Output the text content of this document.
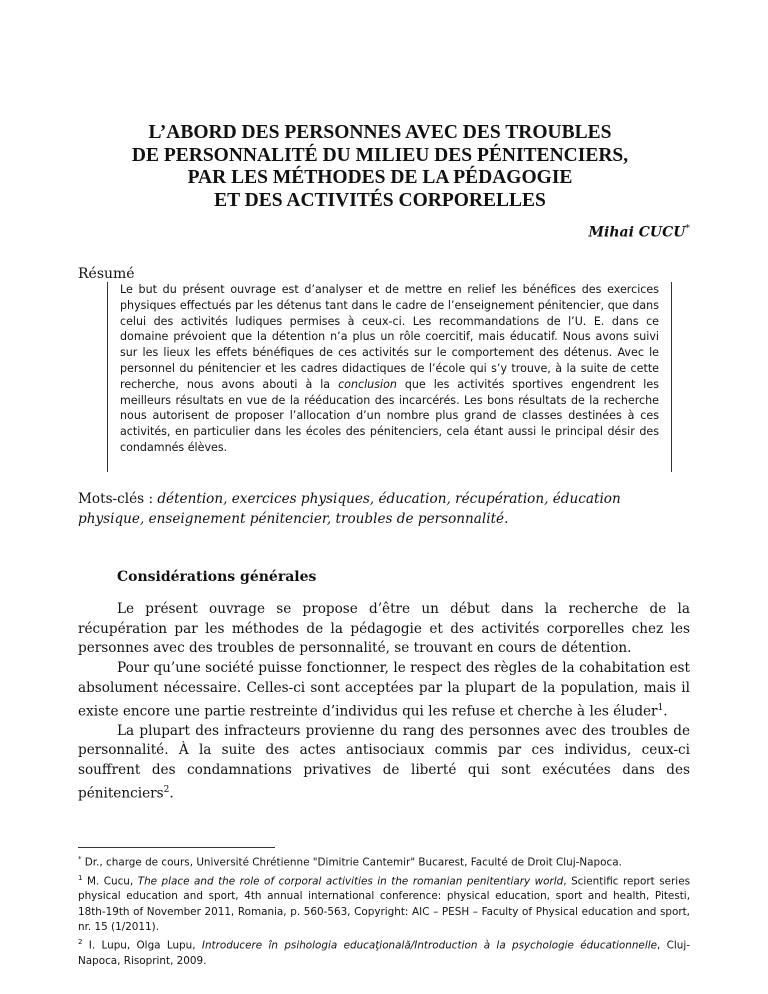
L’ABORD DES PERSONNES AVEC DES TROUBLES
DE PERSONNALITÉ DU MILIEU DES PÉNITENCIERS,
PAR LES MÉTHODES DE LA PÉDAGOGIE
ET DES ACTIVITÉS CORPORELLES
Mihai CUCU*
Résumé

Le but du présent ouvrage est d’analyser et de mettre en relief les bénéfices des exercices physiques effectués par les détenus tant dans le cadre de l’enseignement pénitencier, que dans celui des activités ludiques permises à ceux-ci. Les recommandations de l’U. E. dans ce domaine prévoient que la détention n’a plus un rôle coercitif, mais éducatif. Nous avons suivi sur les lieux les effets bénéfiques de ces activités sur le comportement des détenus. Avec le personnel du pénitencier et les cadres didactiques de l’école qui s’y trouve, à la suite de cette recherche, nous avons abouti à la conclusion que les activités sportives engendrent les meilleurs résultats en vue de la rééducation des incarcérés. Les bons résultats de la recherche nous autorisent de proposer l’allocation d’un nombre plus grand de classes destinées à ces activités, en particulier dans les écoles des pénitenciers, cela étant aussi le principal désir des condamnés élèves.

Mots-clés : détention, exercices physiques, éducation, récupération, éducation physique, enseignement pénitencier, troubles de personnalité.

Considérations générales

Le présent ouvrage se propose d’être un début dans la recherche de la récupération par les méthodes de la pédagogie et des activités corporelles chez les personnes avec des troubles de personnalité, se trouvant en cours de détention.

Pour qu’une société puisse fonctionner, le respect des règles de la cohabitation est absolument nécessaire. Celles-ci sont acceptées par la plupart de la population, mais il existe encore une partie restreinte d’individus qui les refuse et cherche à les éluder$^1$.

La plupart des infracteurs provienne du rang des personnes avec des troubles de personnalité. À la suite des actes antisociaux commis par ces individus, ceux-ci souffrent des condamnations privatives de liberté qui sont exécutées dans des pénitenciers$^2$.

* Dr., charge de cours, Université Chrétienne "Dimitrie Cantemir" Bucarest, Faculté de Droit Cluj-Napoca.

$^1$ M. Cucu, The place and the role of corporal activities in the romanian penitentiary world, Scientific report series physical education and sport, 4th annual international conference: physical education, sport and health, Pitesti, 18th-19th of November 2011, Romania, p. 560-563, Copyright: AIC – PESH – Faculty of Physical education and sport, nr. 15 (1/2011).

$^2$ I. Lupu, Olga Lupu, Introducere în psihologia educaţională/Introduction à la psychologie éducationnelle, Cluj-Napoca, Risoprint, 2009.
